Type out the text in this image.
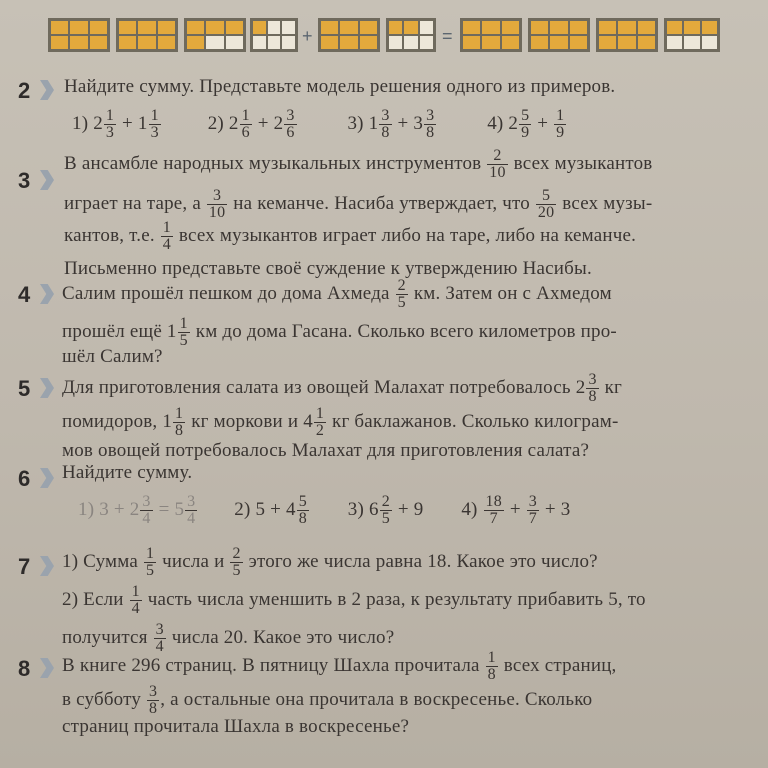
+	=
2 Найдите сумму. Представьте модель решения одного из примеров.
1) $2 \frac{1}{3} + 1 \frac{1}{3} 2$) $2 \frac{1}{6} + 2 \frac{3}{6}$	3) $1 \frac{3}{8} + 3 \frac{3}{8}$	4) $2 \frac{5}{9} + \frac{1}{9}$
3
В ансамбле народных музыкальных инструментов $\frac{2}{10}$ всех музыкантов
играет на таре, а $\frac{3}{10}$ на кеманче. Насиба утверждает, что $\frac{5}{20}$ всех музы-
кантов, т.е. $\frac{1}{4}$ всех музыкантов играет либо на таре, либо на кеманче.
Письменно представьте своё суждение к утверждению Насибы.
4 Салим прошёл пешком до дома Ахмеда $\frac{2}{5}$ км. Затем он с Ахмедом
прошёл ещё $1 \frac{1}{5}$ км до дома Гасана. Сколько всего километров про-
шёл Салим?
5 Для приготовления салата из овощей Малахат потребовалось $2 \frac{3}{8}$ кг
помидоров, $1 \frac{1}{8}$ кг моркови и $4 \frac{1}{2}$ кг баклажанов. Сколько килограм-
мов овощей потребовалось Малахат для приготовления салата?
6 Найдите сумму.
1) $3 + 2 \frac{3}{4} = 5 \frac{3}{4} 2$) $5 + 4 \frac{5}{8} 3$) $6 \frac{2}{5} + 9$ $4) \frac{18}{7} + \frac{3}{7} + 3$
7 1) Сумма $\frac{1}{5}$ числа и $\frac{2}{5}$ этого же числа равна 18. Какое это число?
2) Если $\frac{1}{4}$ часть числа уменшить в 2 раза, к результату прибавить 5, то
получится $\frac{3}{4}$ числа 20. Какое это число?
8 В книге 296 страниц. В пятницу Шахла прочитала $\frac{1}{8}$ всех страниц,
в субботу $\frac{3}{8}$ , а остальные она прочитала в воскресенье. Сколько
страниц прочитала Шахла в воскресенье?
